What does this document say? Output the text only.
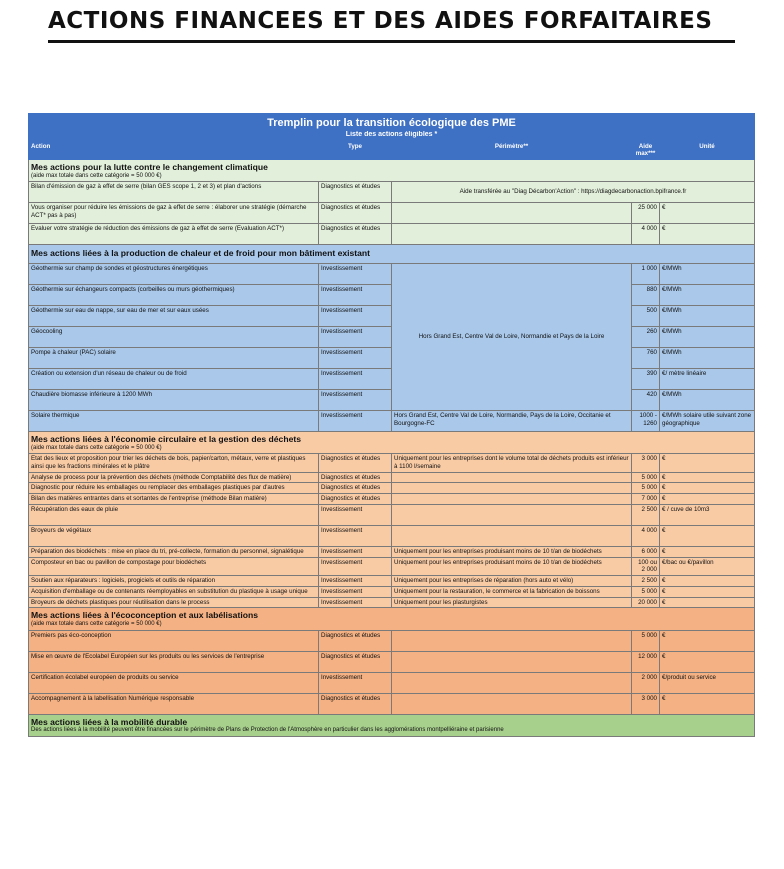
ACTIONS FINANCEES ET DES AIDES FORFAITAIRES
Tremplin pour la transition écologique des PME				
Liste des actions éligibles *				
Action	Type	Périmètre**	Aide max***	Unité
Mes actions pour la lutte contre le changement climatique
(aide max totale dans cette catégorie = 50 000 €)				

Bilan d'émission de gaz à effet de serre (bilan GES scope 1, 2 et 3) et plan d'actions	Diagnostics et études	Aide transférée au "Diag Décarbon'Action" : https://diagdecarbonaction.bpifrance.fr		
Vous organiser pour réduire les émissions de gaz à effet de serre : élaborer une stratégie (démarche ACT* pas à pas)	Diagnostics et études		25 000	€
Evaluer votre stratégie de réduction des émissions de gaz à effet de serre (Evaluation ACT*)	Diagnostics et études		4 000	€
Mes actions liées à la production de chaleur et de froid pour mon bâtiment existant				
Géothermie sur champ de sondes et géostructures énergétiques	Investissement	Hors Grand Est, Centre Val de Loire, Normandie et Pays de la Loire	1 000	€/MWh
Géothermie sur échangeurs compacts (corbeilles ou murs géothermiques)	Investissement		880	€/MWh
Géothermie sur eau de nappe, sur eau de mer et sur eaux usées	Investissement		500	€/MWh
Géocooling	Investissement		260	€/MWh
Pompe à chaleur (PAC) solaire	Investissement		760	€/MWh
Création ou extension d'un réseau de chaleur ou de froid	Investissement		390	€/ mètre linéaire
Chaudière biomasse inférieure à 1200 MWh	Investissement		420	€/MWh
Solaire thermique	Investissement	Hors Grand Est, Centre Val de Loire, Normandie, Pays de la Loire, Occitanie et Bourgogne-FC	1000 - 1260	€/MWh solaire utile suivant zone géographique
Mes actions liées à l'économie circulaire et la gestion des déchets
(aide max totale dans cette catégorie = 50 000 €)				

Etat des lieux et proposition pour trier les déchets de bois, papier/carton, métaux, verre et plastiques ainsi que les fractions minérales et le plâtre	Diagnostics et études	Uniquement pour les entreprises dont le volume total de déchets produits est inférieur à 1100 l/semaine	3 000	€
Analyse de process pour la prévention des déchets (méthode Comptabilité des flux de matière)	Diagnostics et études		5 000	€
Diagnostic pour réduire les emballages ou remplacer des emballages plastiques par d'autres	Diagnostics et études		5 000	€
Bilan des matières entrantes dans et sortantes de l'entreprise (méthode Bilan matière)	Diagnostics et études		7 000	€
Récupération des eaux de pluie	Investissement		2 500	€ / cuve de 10m3
Broyeurs de végétaux	Investissement		4 000	€
Préparation des biodéchets : mise en place du tri, pré-collecte, formation du personnel, signalétique	Investissement	Uniquement pour les entreprises produisant moins de 10 t/an de biodéchets	6 000	€
Composteur en bac ou pavillon de compostage pour biodéchets	Investissement	Uniquement pour les entreprises produisant moins de 10 t/an de biodéchets	100 ou 2 000	€/bac ou €/pavillon
Soutien aux réparateurs : logiciels, progiciels et outils de réparation	Investissement	Uniquement pour les entreprises de réparation (hors auto et vélo)	2 500	€
Acquisition d'emballage ou de contenants réemployables en substitution du plastique à usage unique	Investissement	Uniquement pour la restauration, le commerce et la fabrication de boissons	5 000	€
Broyeurs de déchets plastiques pour réutilisation dans le process	Investissement	Uniquement pour les plasturgistes	20 000	€
Mes actions liées à l'écoconception et aux labélisations
(aide max totale dans cette catégorie = 50 000 €)				

Premiers pas éco-conception	Diagnostics et études		5 000	€
Mise en œuvre de l'Ecolabel Européen sur les produits ou les services de l'entreprise	Diagnostics et études		12 000	€
Certification écolabel européen de produits ou service	Investissement		2 000	€/produit ou service
Accompagnement à la labellisation Numérique responsable	Diagnostics et études		3 000	€
Mes actions liées à la mobilité durable
Des actions liées à la mobilité peuvent être financées sur le périmètre de Plans de Protection de l'Atmosphère en particulier dans les agglomérations montpelliéraine et parisienne				
